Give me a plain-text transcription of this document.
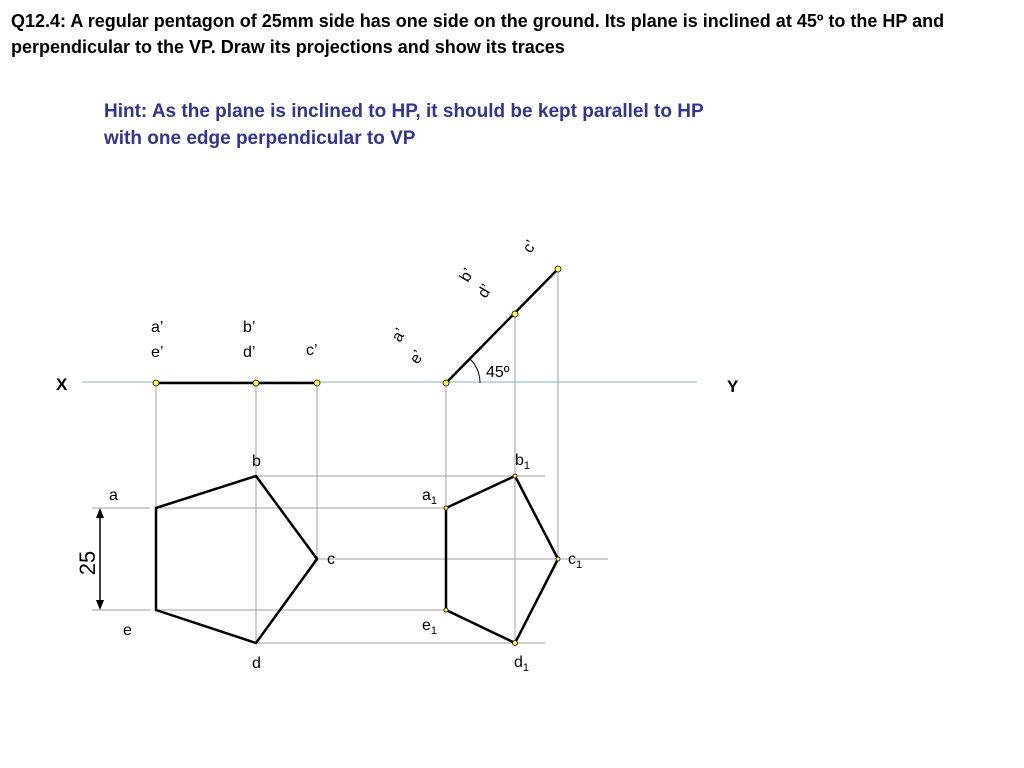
Q12.4: A regular pentagon of 25mm side has one side on the ground. Its plane is inclined at 45º to the HP and perpendicular to the VP. Draw its projections and show its traces

Hint: As the plane is inclined to HP, it should be kept parallel to HP with one edge perpendicular to VP

X	Y
25
a’
e’
b’
d’	c’
a
b
c
d
e
45º
a’
e’
b’
d’
c’
$a_1$
$b_1$
$c_1$
$d_1$
$e_1$
